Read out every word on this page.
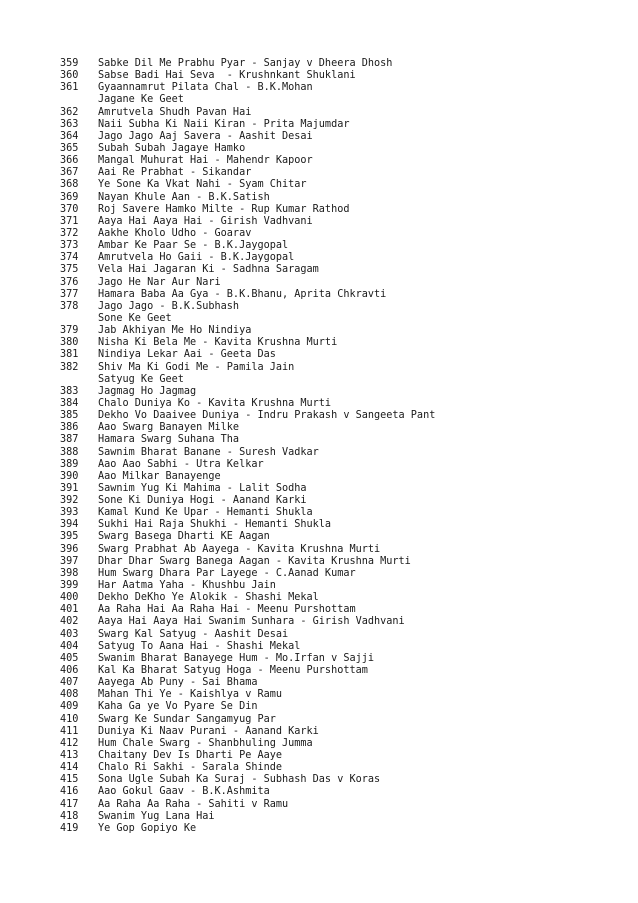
359	Sabke Dil Me Prabhu Pyar - Sanjay v Dheera Dhosh
360	Sabse Badi Hai Seva  - Krushnkant Shuklani
361	Gyaannamrut Pilata Chal - B.K.Mohan
Jagane Ke Geet
362	Amrutvela Shudh Pavan Hai
363	Naii Subha Ki Naii Kiran - Prita Majumdar
364	Jago Jago Aaj Savera - Aashit Desai
365	Subah Subah Jagaye Hamko
366	Mangal Muhurat Hai - Mahendr Kapoor
367	Aai Re Prabhat - Sikandar
368	Ye Sone Ka Vkat Nahi - Syam Chitar
369	Nayan Khule Aan - B.K.Satish
370	Roj Savere Hamko Milte - Rup Kumar Rathod
371	Aaya Hai Aaya Hai - Girish Vadhvani
372	Aakhe Kholo Udho - Goarav
373	Ambar Ke Paar Se - B.K.Jaygopal
374	Amrutvela Ho Gaii - B.K.Jaygopal
375	Vela Hai Jagaran Ki - Sadhna Saragam
376	Jago He Nar Aur Nari
377	Hamara Baba Aa Gya - B.K.Bhanu, Aprita Chkravti
378	Jago Jago - B.K.Subhash
Sone Ke Geet
379	Jab Akhiyan Me Ho Nindiya
380	Nisha Ki Bela Me - Kavita Krushna Murti
381	Nindiya Lekar Aai - Geeta Das
382	Shiv Ma Ki Godi Me - Pamila Jain
Satyug Ke Geet
383	Jagmag Ho Jagmag
384	Chalo Duniya Ko - Kavita Krushna Murti
385	Dekho Vo Daaivee Duniya - Indru Prakash v Sangeeta Pant
386	Aao Swarg Banayen Milke
387	Hamara Swarg Suhana Tha
388	Sawnim Bharat Banane - Suresh Vadkar
389	Aao Aao Sabhi - Utra Kelkar
390	Aao Milkar Banayenge
391	Sawnim Yug Ki Mahima - Lalit Sodha
392	Sone Ki Duniya Hogi - Aanand Karki
393	Kamal Kund Ke Upar - Hemanti Shukla
394	Sukhi Hai Raja Shukhi - Hemanti Shukla
395	Swarg Basega Dharti KE Aagan
396	Swarg Prabhat Ab Aayega - Kavita Krushna Murti
397	Dhar Dhar Swarg Banega Aagan - Kavita Krushna Murti
398	Hum Swarg Dhara Par Layege - C.Aanad Kumar
399	Har Aatma Yaha - Khushbu Jain
400	Dekho DeKho Ye Alokik - Shashi Mekal
401	Aa Raha Hai Aa Raha Hai - Meenu Purshottam
402	Aaya Hai Aaya Hai Swanim Sunhara - Girish Vadhvani
403	Swarg Kal Satyug - Aashit Desai
404	Satyug To Aana Hai - Shashi Mekal
405	Swanim Bharat Banayege Hum - Mo.Irfan v Sajji
406	Kal Ka Bharat Satyug Hoga - Meenu Purshottam
407	Aayega Ab Puny - Sai Bhama
408	Mahan Thi Ye - Kaishlya v Ramu
409	Kaha Ga ye Vo Pyare Se Din
410	Swarg Ke Sundar Sangamyug Par
411	Duniya Ki Naav Purani - Aanand Karki
412	Hum Chale Swarg - Shanbhuling Jumma
413	Chaitany Dev Is Dharti Pe Aaye
414	Chalo Ri Sakhi - Sarala Shinde
415	Sona Ugle Subah Ka Suraj - Subhash Das v Koras
416	Aao Gokul Gaav - B.K.Ashmita
417	Aa Raha Aa Raha - Sahiti v Ramu
418	Swanim Yug Lana Hai
419	Ye Gop Gopiyo Ke
